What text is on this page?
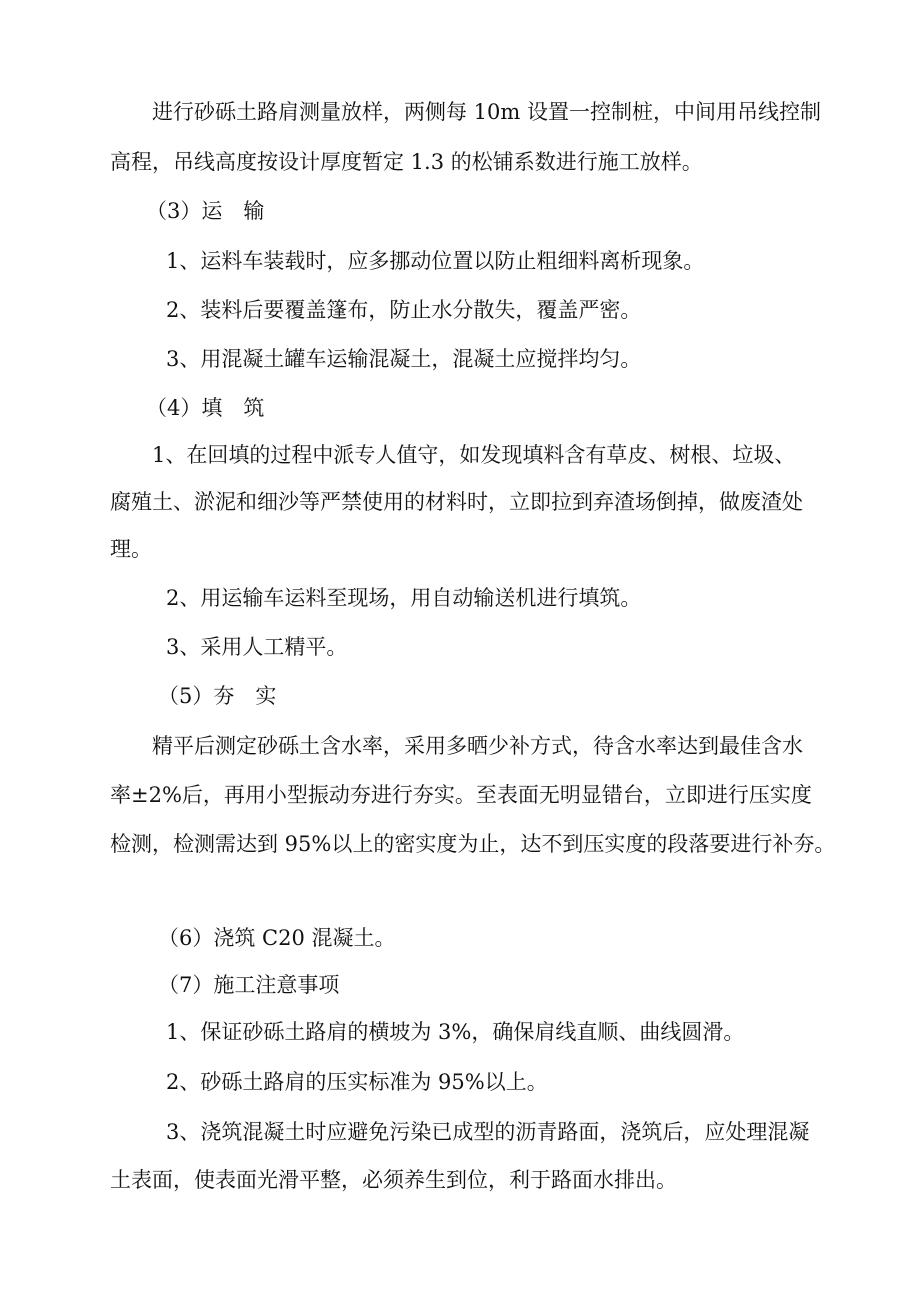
进行砂砾土路肩测量放样，两侧每 10m 设置一控制桩，中间用吊线控制
高程，吊线高度按设计厚度暂定 1.3 的松铺系数进行施工放样。
（3）运　输
1、运料车装载时，应多挪动位置以防止粗细料离析现象。
2、装料后要覆盖篷布，防止水分散失，覆盖严密。
3、用混凝土罐车运输混凝土，混凝土应搅拌均匀。
（4）填　筑
1、在回填的过程中派专人值守，如发现填料含有草皮、树根、垃圾、
腐殖土、淤泥和细沙等严禁使用的材料时，立即拉到弃渣场倒掉，做废渣处
理。
2、用运输车运料至现场，用自动输送机进行填筑。
3、采用人工精平。
（5）夯　实
精平后测定砂砾土含水率，采用多晒少补方式，待含水率达到最佳含水
率±2%后，再用小型振动夯进行夯实。至表面无明显错台，立即进行压实度
检测，检测需达到 95%以上的密实度为止，达不到压实度的段落要进行补夯。
（6）浇筑 C20 混凝土。
（7）施工注意事项
1、保证砂砾土路肩的横坡为 3%，确保肩线直顺、曲线圆滑。
2、砂砾土路肩的压实标准为 95%以上。
3、浇筑混凝土时应避免污染已成型的沥青路面，浇筑后，应处理混凝
土表面，使表面光滑平整，必须养生到位，利于路面水排出。
